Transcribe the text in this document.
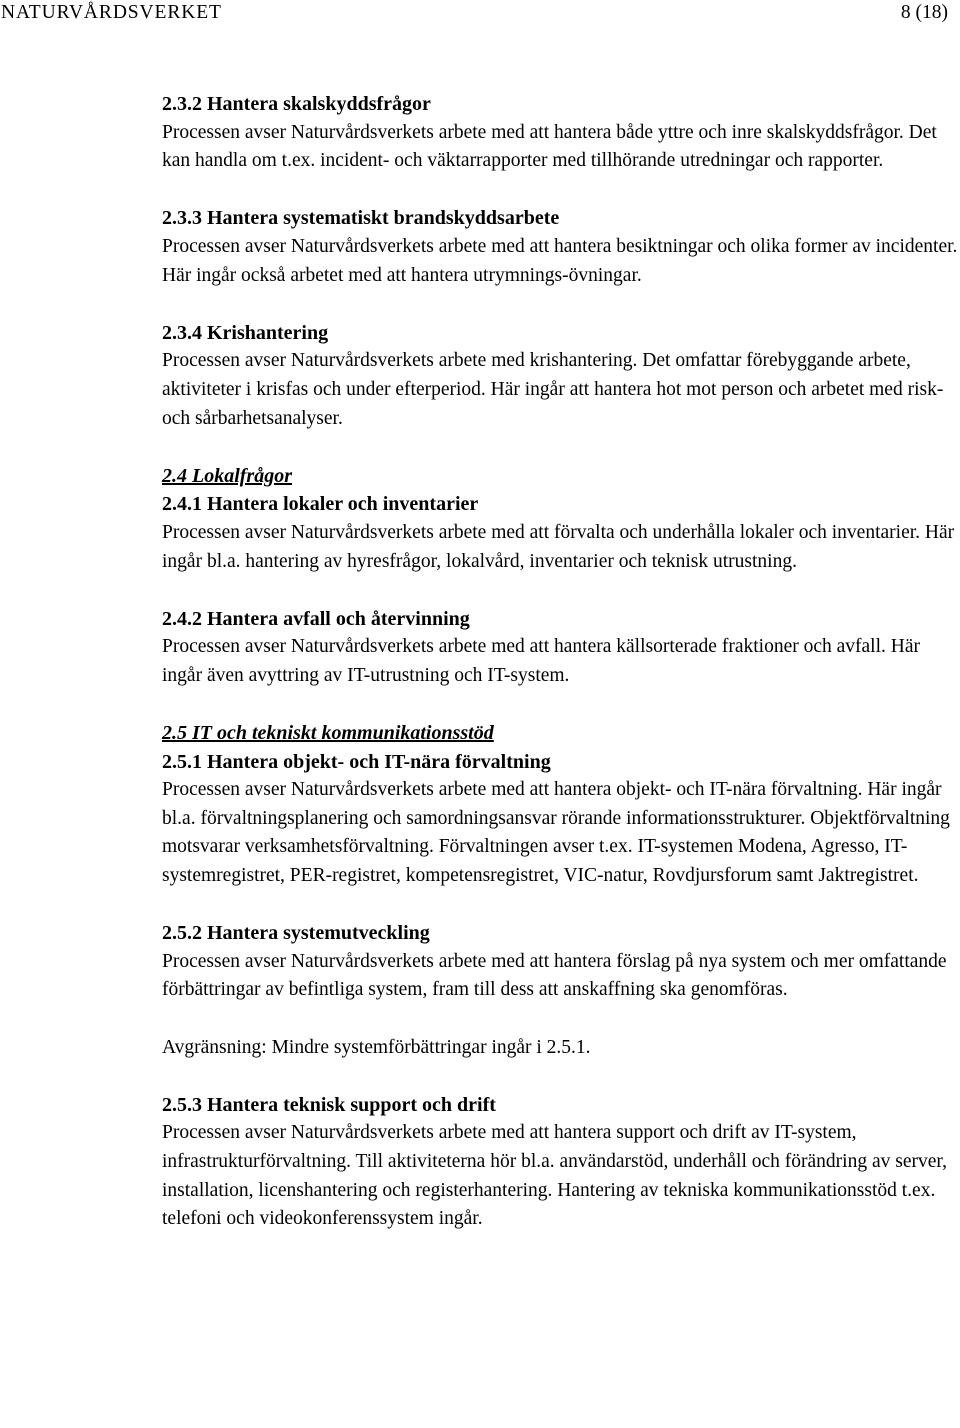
NATURVÅRDSVERKET	8 (18)
2.3.2 Hantera skalskyddsfrågor
Processen avser Naturvårdsverkets arbete med att hantera både yttre och inre skalskyddsfrågor. Det kan handla om t.ex. incident- och väktarrapporter med tillhörande utredningar och rapporter.
2.3.3 Hantera systematiskt brandskyddsarbete
Processen avser Naturvårdsverkets arbete med att hantera besiktningar och olika former av incidenter. Här ingår också arbetet med att hantera utrymnings-övningar.
2.3.4 Krishantering
Processen avser Naturvårdsverkets arbete med krishantering. Det omfattar förebyggande arbete, aktiviteter i krisfas och under efterperiod. Här ingår att hantera hot mot person och arbetet med risk- och sårbarhetsanalyser.
2.4 Lokalfrågor
2.4.1 Hantera lokaler och inventarier
Processen avser Naturvårdsverkets arbete med att förvalta och underhålla lokaler och inventarier. Här ingår bl.a. hantering av hyresfrågor, lokalvård, inventarier och teknisk utrustning.
2.4.2 Hantera avfall och återvinning
Processen avser Naturvårdsverkets arbete med att hantera källsorterade fraktioner och avfall. Här ingår även avyttring av IT-utrustning och IT-system.
2.5 IT och tekniskt kommunikationsstöd
2.5.1 Hantera objekt- och IT-nära förvaltning
Processen avser Naturvårdsverkets arbete med att hantera objekt- och IT-nära förvaltning. Här ingår bl.a. förvaltningsplanering och samordningsansvar rörande informationsstrukturer. Objektförvaltning motsvarar verksamhetsförvaltning. Förvaltningen avser t.ex. IT-systemen Modena, Agresso, IT-systemregistret, PER-registret, kompetensregistret, VIC-natur, Rovdjursforum samt Jaktregistret.
2.5.2 Hantera systemutveckling
Processen avser Naturvårdsverkets arbete med att hantera förslag på nya system och mer omfattande förbättringar av befintliga system, fram till dess att anskaffning ska genomföras.
Avgränsning: Mindre systemförbättringar ingår i 2.5.1.
2.5.3 Hantera teknisk support och drift
Processen avser Naturvårdsverkets arbete med att hantera support och drift av IT-system, infrastrukturförvaltning. Till aktiviteterna hör bl.a. användarstöd, underhåll och förändring av server, installation, licenshantering och registerhantering. Hantering av tekniska kommunikationsstöd t.ex. telefoni och videokonferenssystem ingår.
